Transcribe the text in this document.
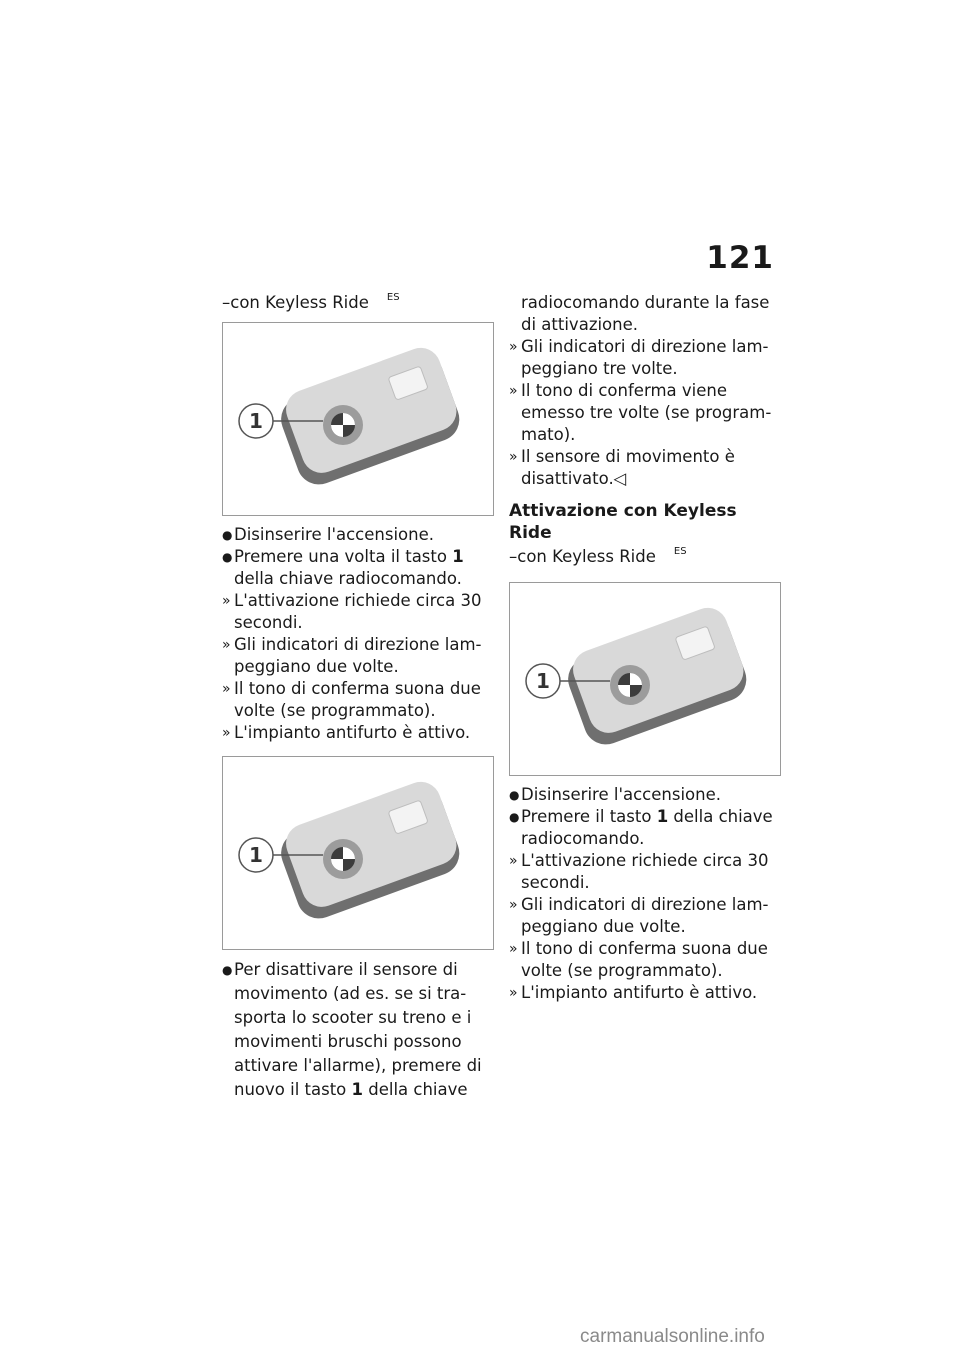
121
–con Keyless Ride ES
1
● Disinserire l'accensione.
● Premere una volta il tasto 1 della chiave radiocomando.
» L'attivazione richiede circa 30 secondi.
» Gli indicatori di direzione lam-peggiano due volte.
» Il tono di conferma suona due volte (se programmato).
» L'impianto antifurto è attivo.
1
● Per disattivare il sensore di movimento (ad es. se si tra-sporta lo scooter su treno e i movimenti bruschi possono attivare l'allarme), premere di nuovo il tasto 1 della chiave
radiocomando durante la fase di attivazione.
» Gli indicatori di direzione lam-peggiano tre volte.
» Il tono di conferma viene emesso tre volte (se program-mato).
» Il sensore di movimento è disattivato.◁
Attivazione con Keyless Ride
–con Keyless Ride ES
1
● Disinserire l'accensione.
● Premere il tasto 1 della chiave radiocomando.
» L'attivazione richiede circa 30 secondi.
» Gli indicatori di direzione lam-peggiano due volte.
» Il tono di conferma suona due volte (se programmato).
» L'impianto antifurto è attivo.
carmanualsonline.info
